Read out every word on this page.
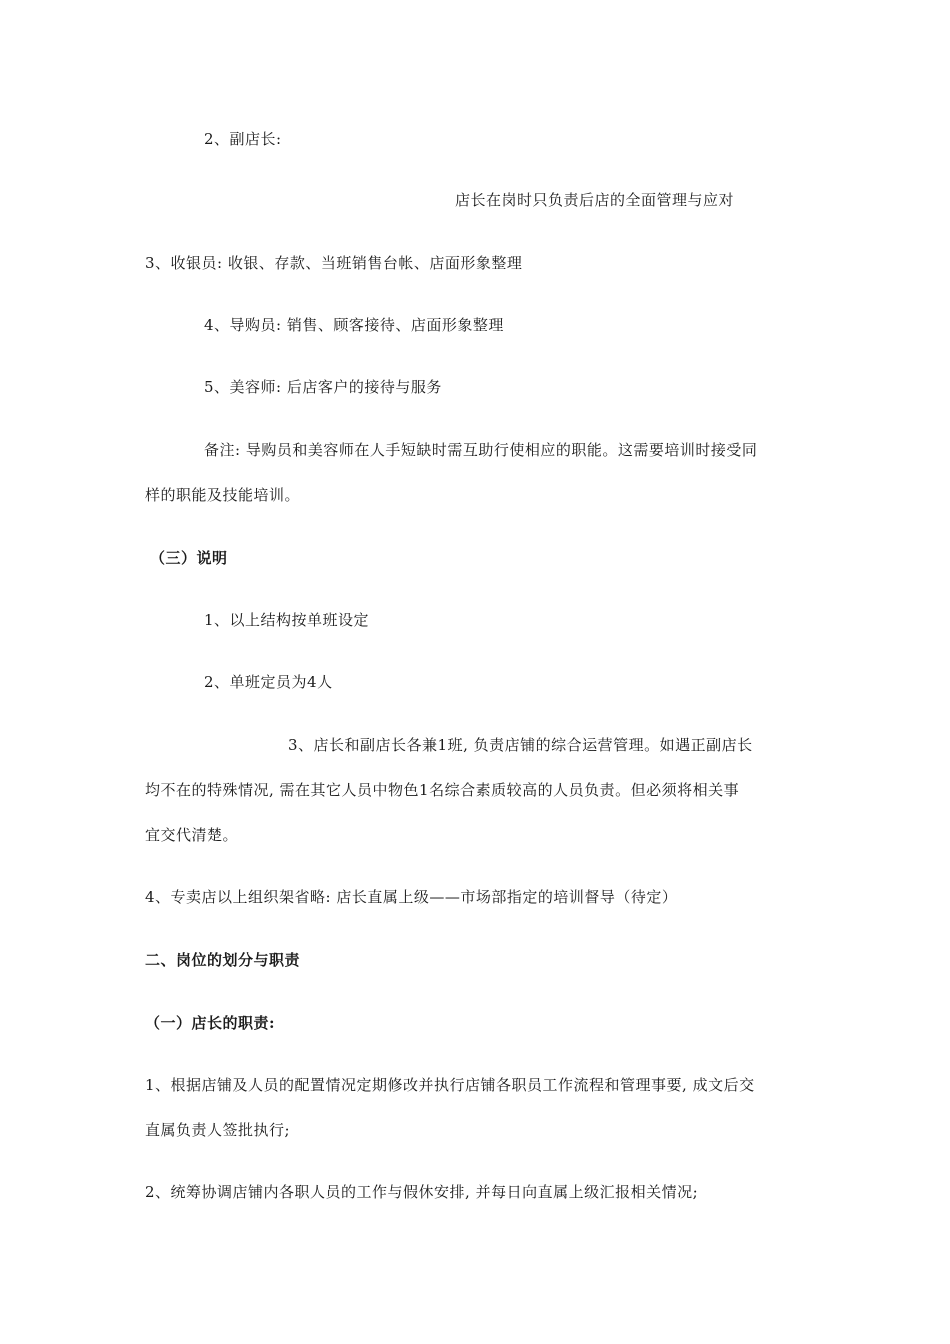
2、副店长:
店长在岗时只负责后店的全面管理与应对
3、收银员: 收银、存款、当班销售台帐、店面形象整理
4、导购员: 销售、顾客接待、店面形象整理
5、美容师: 后店客户的接待与服务
备注: 导购员和美容师在人手短缺时需互助行使相应的职能。这需要培训时接受同
样的职能及技能培训。
（三）说明
1、以上结构按单班设定
2、单班定员为4人
3、店长和副店长各兼1班, 负责店铺的综合运营管理。如遇正副店长
均不在的特殊情况, 需在其它人员中物色1名综合素质较高的人员负责。但必须将相关事
宜交代清楚。
4、专卖店以上组织架省略: 店长直属上级——市场部指定的培训督导（待定）
二、岗位的划分与职责
（一）店长的职责:
1、根据店铺及人员的配置情况定期修改并执行店铺各职员工作流程和管理事要, 成文后交
直属负责人签批执行;
2、统筹协调店铺内各职人员的工作与假休安排, 并每日向直属上级汇报相关情况;
